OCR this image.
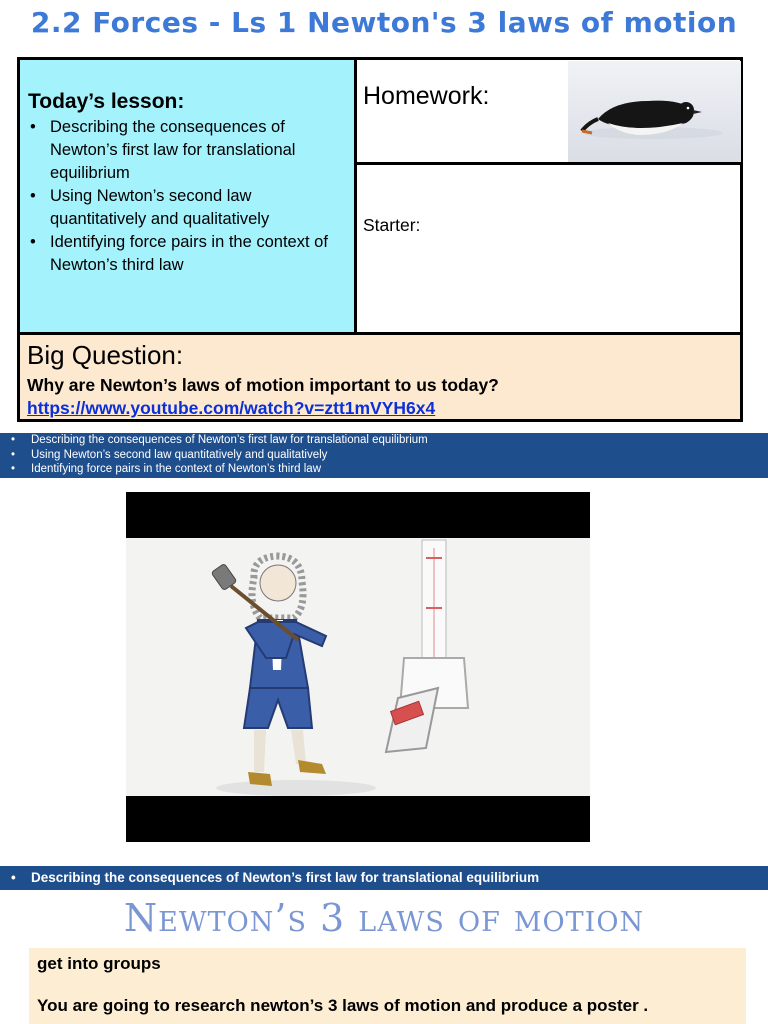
2.2 Forces - Ls 1 Newton's 3 laws of motion
Today’s lesson:
• Describing the consequences of Newton’s first law for translational equilibrium
• Using Newton’s second law quantitatively and qualitatively
• Identifying force pairs in the context of Newton’s third law
Homework:
Starter:
Big Question:
Why are Newton’s laws of motion important to us today?
https://www.youtube.com/watch?v=ztt1mVYH6x4
• Describing the consequences of Newton’s first law for translational equilibrium
• Using Newton’s second law quantitatively and qualitatively
• Identifying force pairs in the context of Newton’s third law
• Describing the consequences of Newton’s first law for translational equilibrium
Newton’s 3 laws of motion
get into groups
You are going to research newton’s 3 laws of motion and produce a poster .
